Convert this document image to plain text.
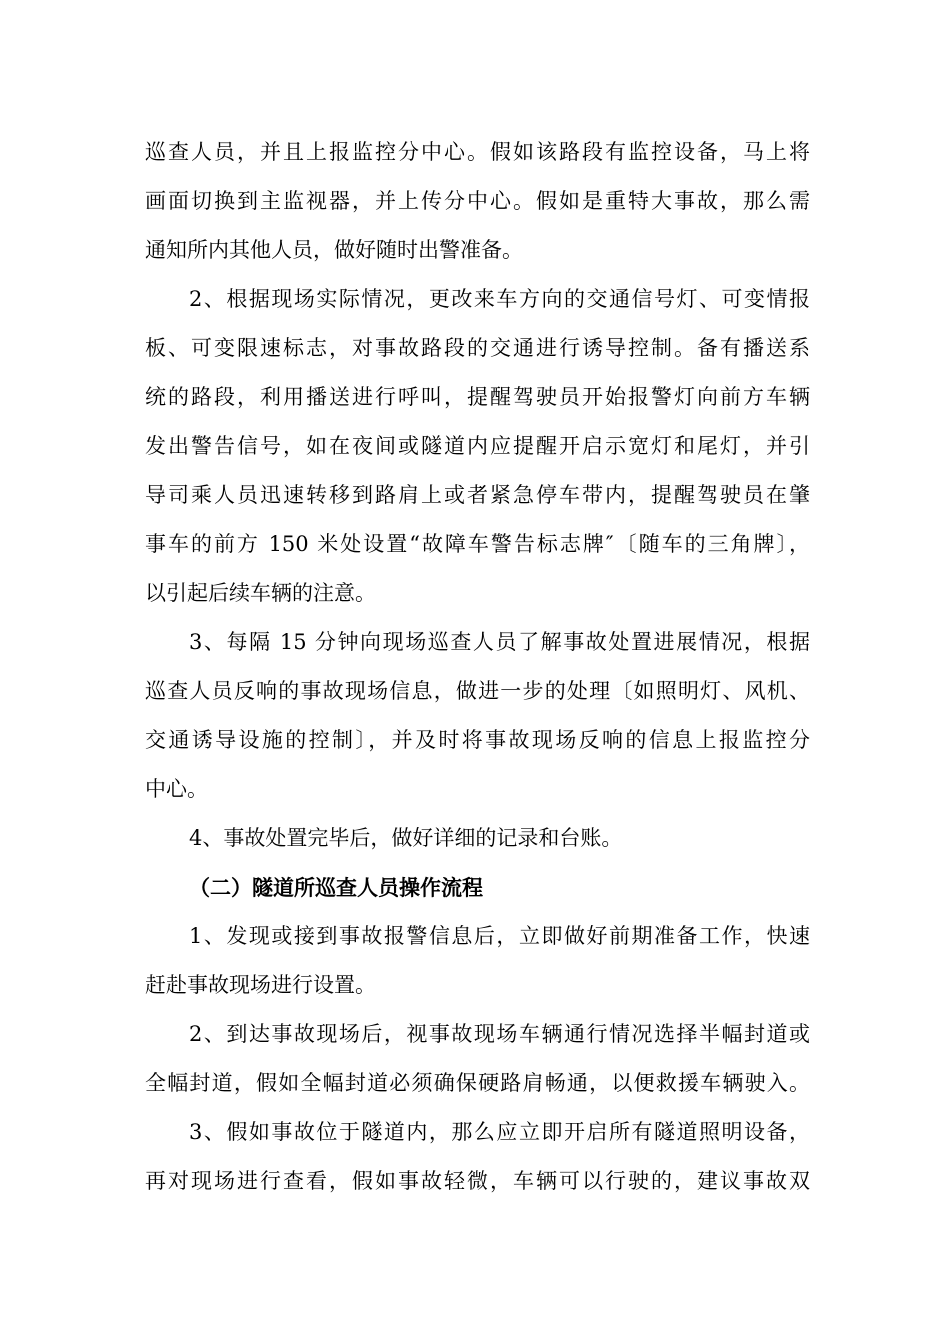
巡查人员，并且上报监控分中心。假如该路段有监控设备，马上将
画面切换到主监视器，并上传分中心。假如是重特大事故，那么需
通知所内其他人员，做好随时出警准备。
2、根据现场实际情况，更改来车方向的交通信号灯、可变情报
板、可变限速标志，对事故路段的交通进行诱导控制。备有播送系
统的路段，利用播送进行呼叫，提醒驾驶员开始报警灯向前方车辆
发出警告信号，如在夜间或隧道内应提醒开启示宽灯和尾灯，并引
导司乘人员迅速转移到路肩上或者紧急停车带内，提醒驾驶员在肇
事车的前方 150 米处设置“故障车警告标志牌″〔随车的三角牌〕，
以引起后续车辆的注意。
3、每隔 15 分钟向现场巡查人员了解事故处置进展情况，根据
巡查人员反响的事故现场信息，做进一步的处理〔如照明灯、风机、
交通诱导设施的控制〕，并及时将事故现场反响的信息上报监控分
中心。
4、事故处置完毕后，做好详细的记录和台账。
（二）隧道所巡查人员操作流程
1、发现或接到事故报警信息后，立即做好前期准备工作，快速
赶赴事故现场进行设置。
2、到达事故现场后，视事故现场车辆通行情况选择半幅封道或
全幅封道，假如全幅封道必须确保硬路肩畅通，以便救援车辆驶入。
3、假如事故位于隧道内，那么应立即开启所有隧道照明设备，
再对现场进行查看，假如事故轻微，车辆可以行驶的，建议事故双
